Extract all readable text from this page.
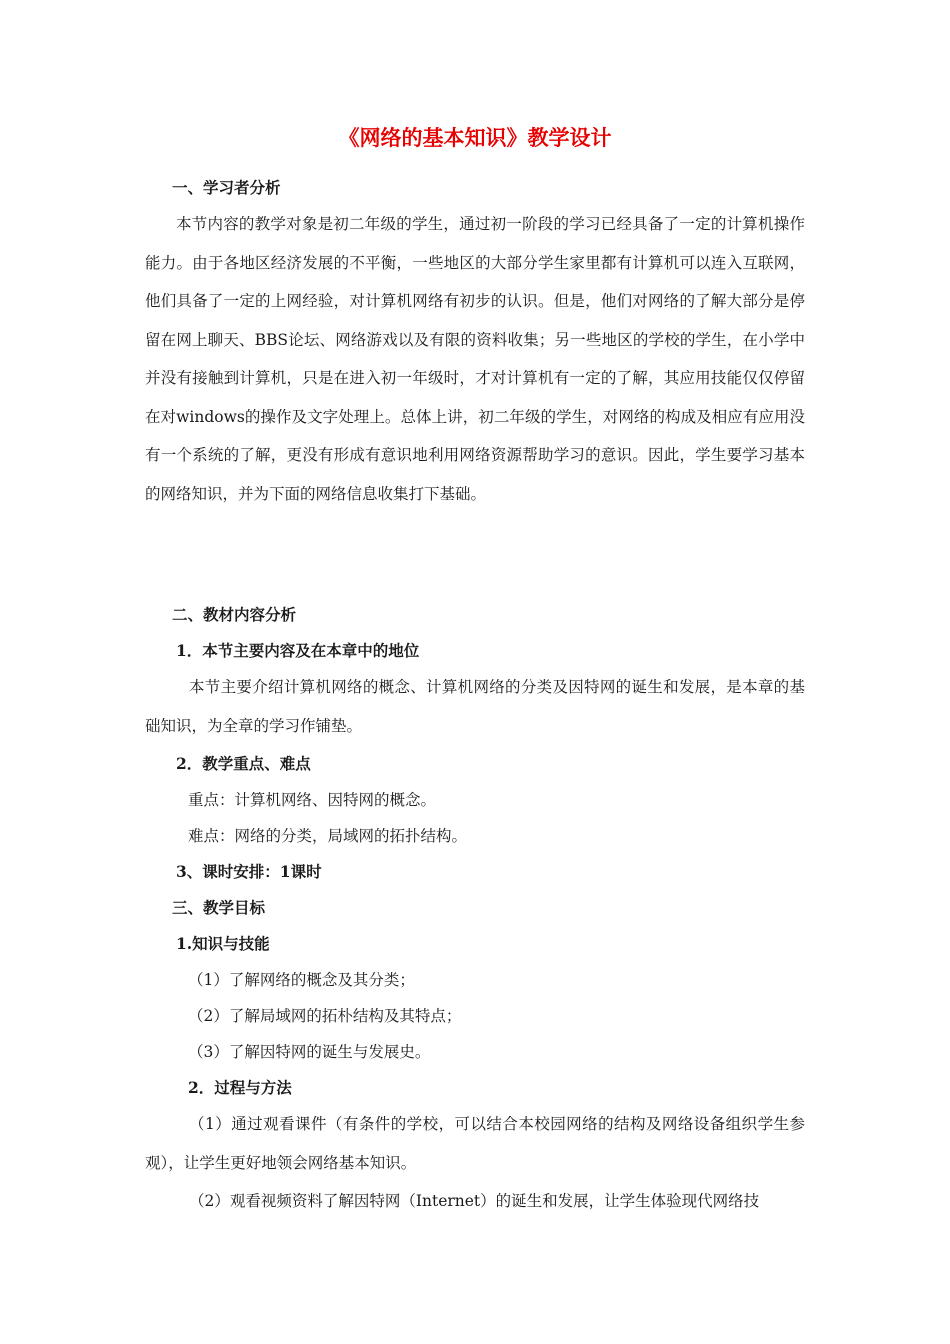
《网络的基本知识》教学设计
一、学习者分析
本节内容的教学对象是初二年级的学生，通过初一阶段的学习已经具备了一定的计算机操作能力。由于各地区经济发展的不平衡，一些地区的大部分学生家里都有计算机可以连入互联网，他们具备了一定的上网经验，对计算机网络有初步的认识。但是，他们对网络的了解大部分是停留在网上聊天、BBS论坛、网络游戏以及有限的资料收集；另一些地区的学校的学生，在小学中并没有接触到计算机，只是在进入初一年级时，才对计算机有一定的了解，其应用技能仅仅停留在对windows的操作及文字处理上。总体上讲，初二年级的学生，对网络的构成及相应有应用没有一个系统的了解，更没有形成有意识地利用网络资源帮助学习的意识。因此，学生要学习基本的网络知识，并为下面的网络信息收集打下基础。
二、教材内容分析
1．本节主要内容及在本章中的地位
本节主要介绍计算机网络的概念、计算机网络的分类及因特网的诞生和发展，是本章的基础知识，为全章的学习作铺垫。
2．教学重点、难点
重点：计算机网络、因特网的概念。
难点：网络的分类，局域网的拓扑结构。
3、课时安排：1课时
三、教学目标
1.知识与技能
（1）了解网络的概念及其分类；
（2）了解局域网的拓朴结构及其特点；
（3）了解因特网的诞生与发展史。
2．过程与方法
（1）通过观看课件（有条件的学校，可以结合本校园网络的结构及网络设备组织学生参观），让学生更好地领会网络基本知识。
（2）观看视频资料了解因特网（Internet）的诞生和发展，让学生体验现代网络技
